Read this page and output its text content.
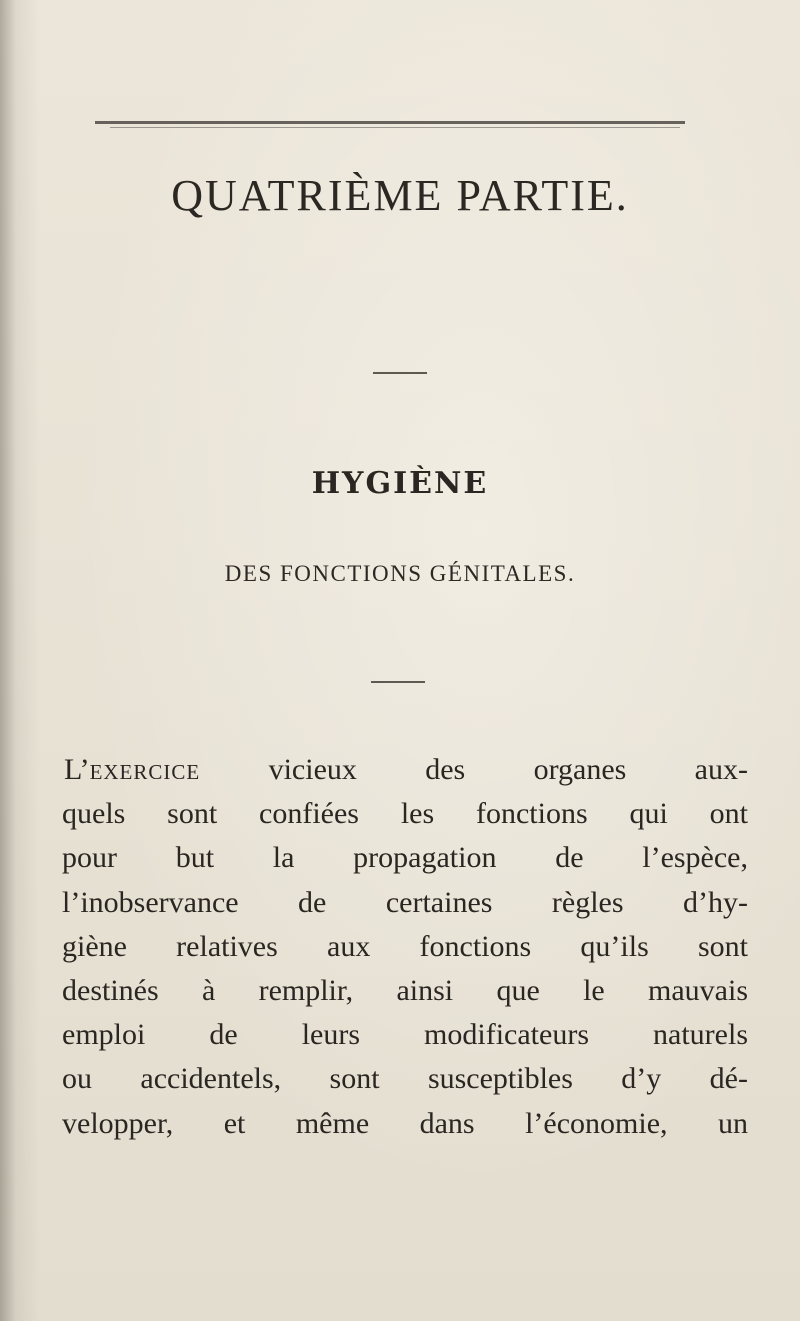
QUATRIÈME PARTIE.
HYGIÈNE
DES FONCTIONS GÉNITALES.
L’exercice vicieux des organes aux-
quels sont confiées les fonctions qui ont
pour but la propagation de l’espèce,
l’inobservance de certaines règles d’hy-
giène relatives aux fonctions qu’ils sont
destinés à remplir, ainsi que le mauvais
emploi de leurs modificateurs naturels
ou accidentels, sont susceptibles d’y dé-
velopper, et même dans l’économie, un
